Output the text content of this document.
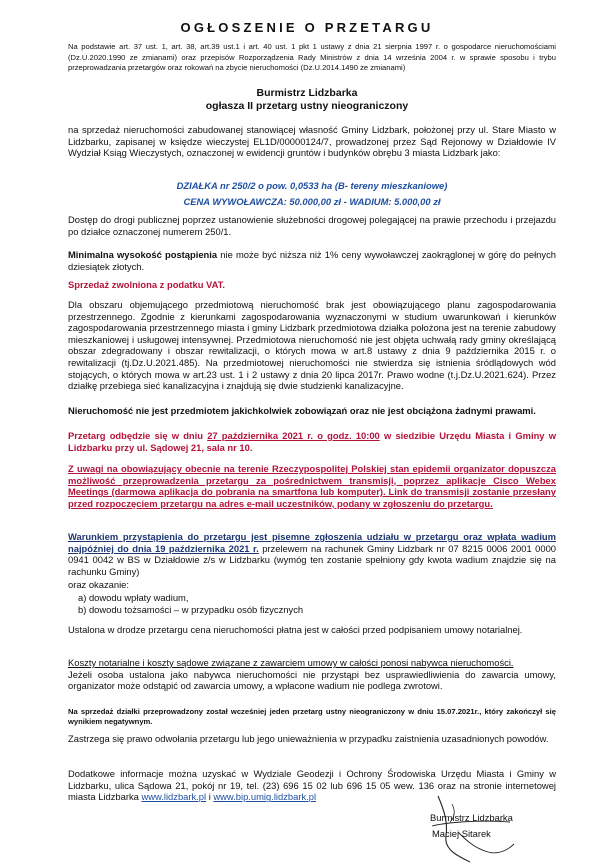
OGŁOSZENIE O PRZETARGU
Na podstawie art. 37 ust. 1, art. 38, art.39 ust.1 i art. 40 ust. 1 pkt 1 ustawy z dnia 21 sierpnia 1997 r. o gospodarce nieruchomościami (Dz.U.2020.1990 ze zmianami) oraz przepisów Rozporządzenia Rady Ministrów z dnia 14 września 2004 r. w sprawie sposobu i trybu przeprowadzania przetargów oraz rokowań na zbycie nieruchomości (Dz.U.2014.1490 ze zmianami)
Burmistrz Lidzbarka
ogłasza II przetarg ustny nieograniczony

na sprzedaż nieruchomości zabudowanej stanowiącej własność Gminy Lidzbark, położonej przy ul. Stare Miasto w Lidzbarku, zapisanej w księdze wieczystej EL1D/00000124/7, prowadzonej przez Sąd Rejonowy w Działdowie IV Wydział Ksiąg Wieczystych, oznaczonej w ewidencji gruntów i budynków obrębu 3 miasta Lidzbark jako:

DZIAŁKA nr 250/2 o pow. 0,0533 ha (B- tereny mieszkaniowe)

CENA WYWOŁAWCZA: 50.000,00 zł - WADIUM: 5.000,00 zł

Dostęp do drogi publicznej poprzez ustanowienie służebności drogowej polegającej na prawie przechodu i przejazdu po działce oznaczonej numerem 250/1.

Minimalna wysokość postąpienia nie może być niższa niż 1% ceny wywoławczej zaokrąglonej w górę do pełnych dziesiątek złotych.

Sprzedaż zwolniona z podatku VAT.

Dla obszaru objemującego przedmiotową nieruchomość brak jest obowiązującego planu zagospodarowania przestrzennego. Zgodnie z kierunkami zagospodarowania wyznaczonymi w studium uwarunkowań i kierunków zagospodarowania przestrzennego miasta i gminy Lidzbark przedmiotowa działka położona jest na terenie zabudowy mieszkaniowej i usługowej intensywnej. Przedmiotowa nieruchomość nie jest objęta uchwałą rady gminy określającą obszar zdegradowany i obszar rewitalizacji, o których mowa w art.8 ustawy z dnia 9 października 2015 r. o rewitalizacji (tj.Dz.U.2021.485). Na przedmiotowej nieruchomości nie stwierdza się istnienia śródlądowych wód stojących, o których mowa w art.23 ust. 1 i 2 ustawy z dnia 20 lipca 2017r. Prawo wodne (t.j.Dz.U.2021.624). Przez działkę przebiega sieć kanalizacyjna i znajdują się dwie studzienki kanalizacyjne.

Nieruchomość nie jest przedmiotem jakichkolwiek zobowiązań oraz nie jest obciążona żadnymi prawami.

Przetarg odbędzie się w dniu 27 października 2021 r. o godz. 10:00 w siedzibie Urzędu Miasta i Gminy w Lidzbarku przy ul. Sądowej 21, sala nr 10.

Z uwagi na obowiązujący obecnie na terenie Rzeczypospolitej Polskiej stan epidemii organizator dopuszcza możliwość przeprowadzenia przetargu za pośrednictwem transmisji, poprzez aplikacje Cisco Webex Meetings (darmowa aplikacja do pobrania na smartfona lub komputer). Link do transmisji zostanie przesłany przed rozpoczęciem przetargu na adres e-mail uczestników, podany w zgłoszeniu do przetargu.

Warunkiem przystąpienia do przetargu jest pisemne zgłoszenia udziału w przetargu oraz wpłata wadium najpóźniej do dnia 19 października 2021 r. przelewem na rachunek Gminy Lidzbark nr 07 8215 0006 2001 0000 0941 0042 w BS w Działdowie z/s w Lidzbarku (wymóg ten zostanie spełniony gdy kwota wadium znajdzie się na rachunku Gminy)

oraz okazanie:

a) dowodu wpłaty wadium,
b) dowodu tożsamości – w przypadku osób fizycznych

Ustalona w drodze przetargu cena nieruchomości płatna jest w całości przed podpisaniem umowy notarialnej.

Koszty notarialne i koszty sądowe związane z zawarciem umowy w całości ponosi nabywca nieruchomości.
Jeżeli osoba ustalona jako nabywca nieruchomości nie przystąpi bez usprawiedliwienia do zawarcia umowy, organizator może odstąpić od zawarcia umowy, a wpłacone wadium nie podlega zwrotowi.

Na sprzedaż działki przeprowadzony został wcześniej jeden przetarg ustny nieograniczony w dniu 15.07.2021r., który zakończył się wynikiem negatywnym.

Zastrzega się prawo odwołania przetargu lub jego unieważnienia w przypadku zaistnienia uzasadnionych powodów.

Dodatkowe informacje można uzyskać w Wydziale Geodezji i Ochrony Środowiska Urzędu Miasta i Gminy w Lidzbarku, ulica Sądowa 21, pokój nr 19, tel. (23) 696 15 02 lub 696 15 05 wew. 136 oraz na stronie internetowej miasta Lidzbarka www.lidzbark.pl i www.bip.umig.lidzbark.pl

Burmistrz Lidzbarka
Maciej Sitarek
